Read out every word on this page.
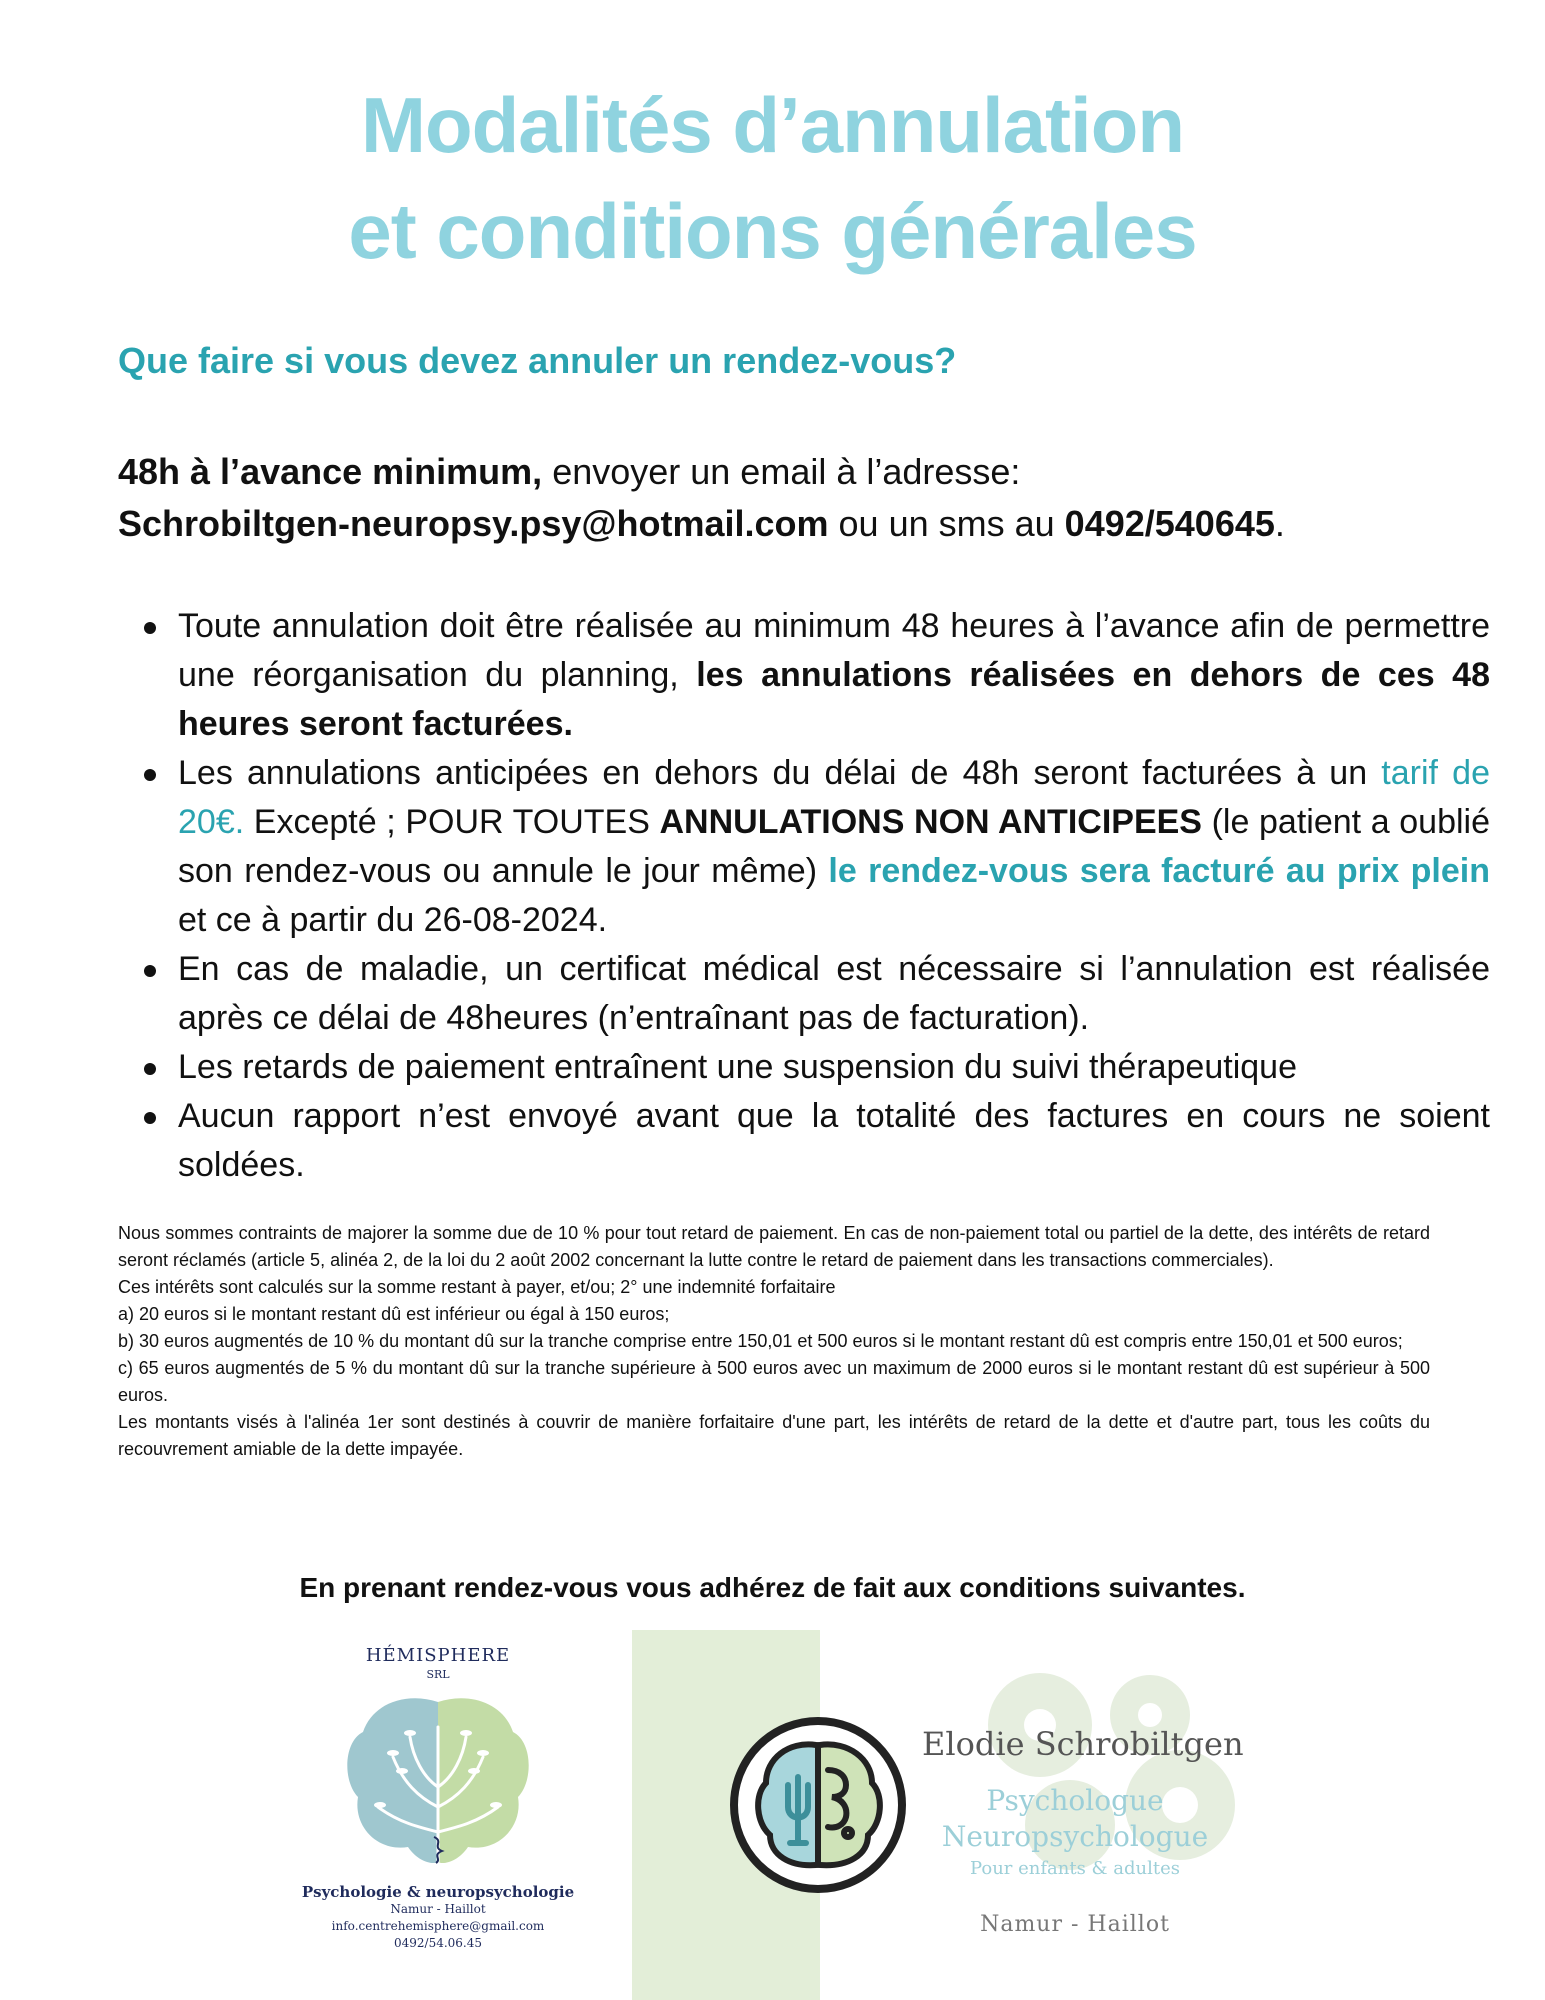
Modalités d’annulation
et conditions générales
Que faire si vous devez annuler un rendez-vous?
48h à l’avance minimum, envoyer un email à l’adresse:
Schrobiltgen-neuropsy.psy@hotmail.com ou un sms au 0492/540645.
Toute annulation doit être réalisée au minimum 48 heures à l’avance afin de permettre une réorganisation du planning, les annulations réalisées en dehors de ces 48 heures seront facturées.
Les annulations anticipées en dehors du délai de 48h seront facturées à un tarif de 20€. Excepté ; POUR TOUTES ANNULATIONS NON ANTICIPEES (le patient a oublié son rendez-vous ou annule le jour même) le rendez-vous sera facturé au prix plein et ce à partir du 26-08-2024.
En cas de maladie, un certificat médical est nécessaire si l’annulation est réalisée après ce délai de 48heures (n’entraînant pas de facturation).
Les retards de paiement entraînent une suspension du suivi thérapeutique
Aucun rapport n’est envoyé avant que la totalité des factures en cours ne soient soldées.

Nous sommes contraints de majorer la somme due de 10 % pour tout retard de paiement. En cas de non-paiement total ou partiel de la dette, des intérêts de retard seront réclamés (article 5, alinéa 2, de la loi du 2 août 2002 concernant la lutte contre le retard de paiement dans les transactions commerciales).

Ces intérêts sont calculés sur la somme restant à payer, et/ou; 2° une indemnité forfaitaire

a) 20 euros si le montant restant dû est inférieur ou égal à 150 euros;

b) 30 euros augmentés de 10 % du montant dû sur la tranche comprise entre 150,01 et 500 euros si le montant restant dû est compris entre 150,01 et 500 euros;

c) 65 euros augmentés de 5 % du montant dû sur la tranche supérieure à 500 euros avec un maximum de 2000 euros si le montant restant dû est supérieur à 500 euros.

Les montants visés à l'alinéa 1er sont destinés à couvrir de manière forfaitaire d'une part, les intérêts de retard de la dette et d'autre part, tous les coûts du recouvrement amiable de la dette impayée.

En prenant rendez-vous vous adhérez de fait aux conditions suivantes.
HÉMISPHERE
SRL
Psychologie & neuropsychologie
Namur - Haillot
info.centrehemisphere@gmail.com
0492/54.06.45
Elodie Schrobiltgen
Psychologue
Neuropsychologue
Pour enfants & adultes
Namur - Haillot
